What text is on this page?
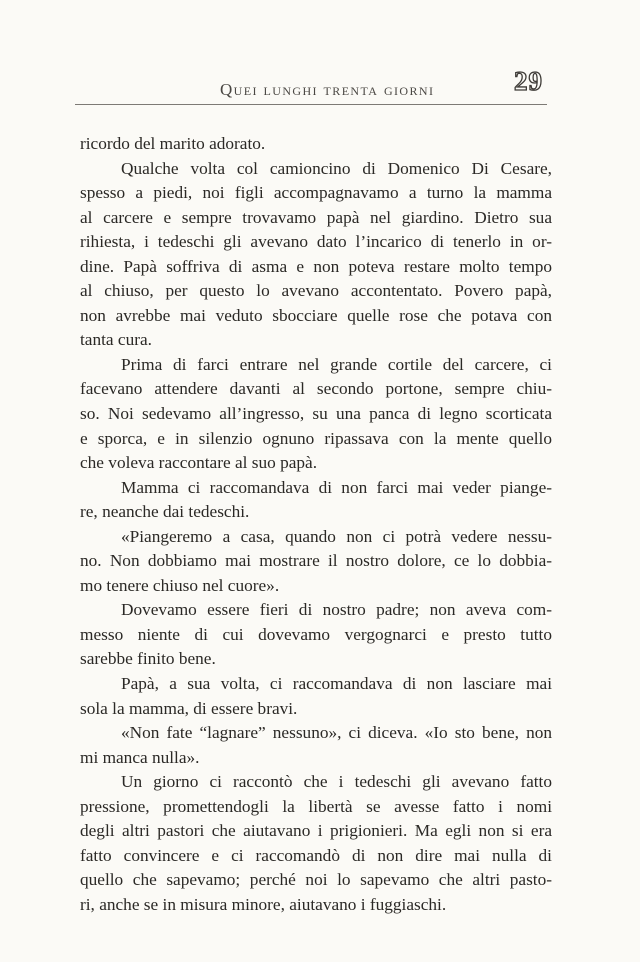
Quei lunghi trenta giorni	29
ricordo del marito adorato.
Qualche volta col camioncino di Domenico Di Cesare,
spesso a piedi, noi figli accompagnavamo a turno la mamma
al carcere e sempre trovavamo papà nel giardino. Dietro sua
rihiesta, i tedeschi gli avevano dato l’incarico di tenerlo in or-
dine. Papà soffriva di asma e non poteva restare molto tempo
al chiuso, per questo lo avevano accontentato. Povero papà,
non avrebbe mai veduto sbocciare quelle rose che potava con
tanta cura.
Prima di farci entrare nel grande cortile del carcere, ci
facevano attendere davanti al secondo portone, sempre chiu-
so. Noi sedevamo all’ingresso, su una panca di legno scorticata
e sporca, e in silenzio ognuno ripassava con la mente quello
che voleva raccontare al suo papà.
Mamma ci raccomandava di non farci mai veder piange-
re, neanche dai tedeschi.
«Piangeremo a casa, quando non ci potrà vedere nessu-
no. Non dobbiamo mai mostrare il nostro dolore, ce lo dobbia-
mo tenere chiuso nel cuore».
Dovevamo essere fieri di nostro padre; non aveva com-
messo niente di cui dovevamo vergognarci e presto tutto
sarebbe finito bene.
Papà, a sua volta, ci raccomandava di non lasciare mai
sola la mamma, di essere bravi.
«Non fate “lagnare” nessuno», ci diceva. «Io sto bene, non
mi manca nulla».
Un giorno ci raccontò che i tedeschi gli avevano fatto
pressione, promettendogli la libertà se avesse fatto i nomi
degli altri pastori che aiutavano i prigionieri. Ma egli non si era
fatto convincere e ci raccomandò di non dire mai nulla di
quello che sapevamo; perché noi lo sapevamo che altri pasto-
ri, anche se in misura minore, aiutavano i fuggiaschi.
